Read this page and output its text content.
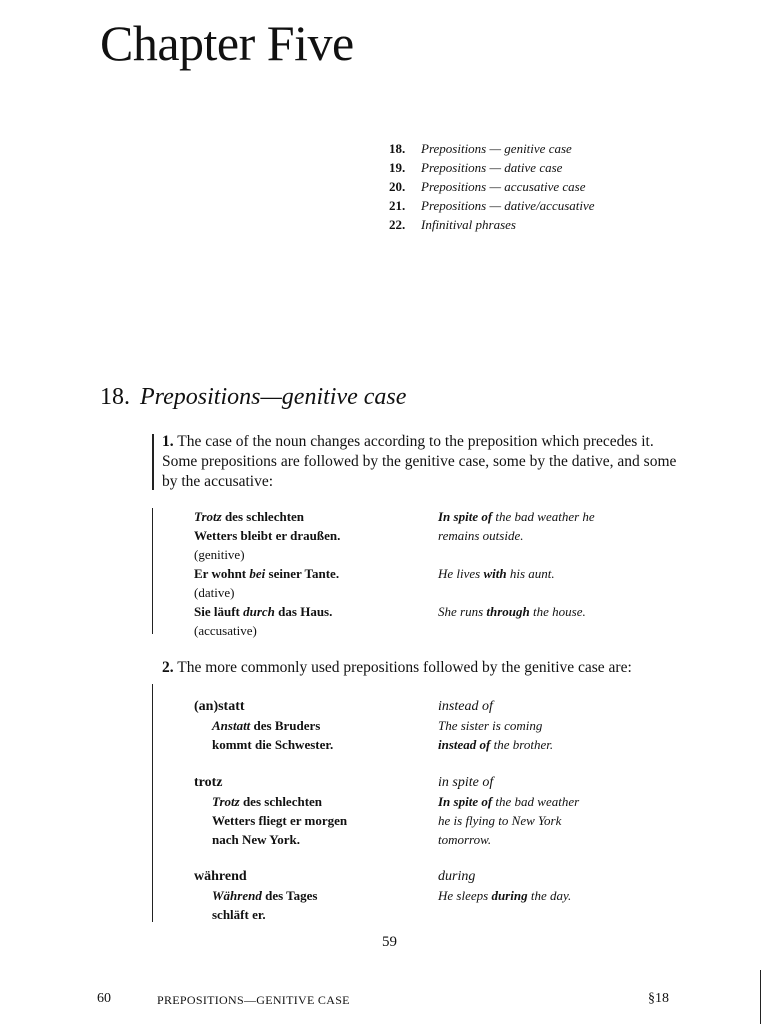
Chapter Five
18. Prepositions — genitive case
19. Prepositions — dative case
20. Prepositions — accusative case
21. Prepositions — dative/accusative
22. Infinitival phrases
18. Prepositions—genitive case
1. The case of the noun changes according to the preposition which precedes it. Some prepositions are followed by the genitive case, some by the dative, and some by the accusative:
Trotz des schlechten
Wetters bleibt er draußen.
(genitive)
Er wohnt bei seiner Tante.
(dative)
Sie läuft durch das Haus.
(accusative)
In spite of the bad weather he
remains outside.

He lives with his aunt.

She runs through the house.
2. The more commonly used prepositions followed by the genitive case are:
(an)statt
Anstatt des Bruders
kommt die Schwester.
instead of
The sister is coming
instead of the brother.
trotz
Trotz des schlechten
Wetters fliegt er morgen
nach New York.
in spite of
In spite of the bad weather
he is flying to New York
tomorrow.
während
Während des Tages
schläft er.
during
He sleeps during the day.
59
60	PREPOSITIONS—GENITIVE CASE	§18
